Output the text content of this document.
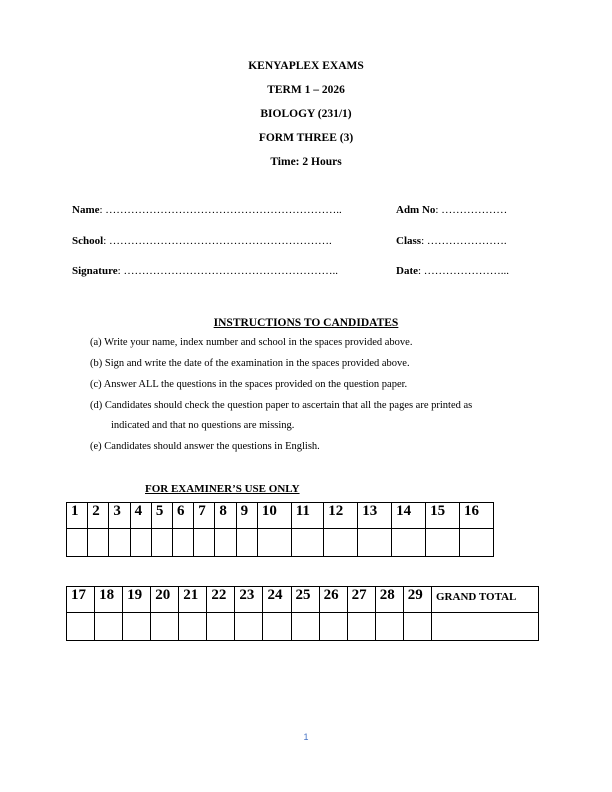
KENYAPLEX EXAMS
TERM 1 – 2026
BIOLOGY (231/1)
FORM THREE (3)
Time: 2 Hours
Name: ………………………………………………………..	Adm No: ………………
School: …………………………………………………….	Class: ………………….
Signature: …………………………………………………..	Date: …………………...
INSTRUCTIONS TO CANDIDATES
(a) Write your name, index number and school in the spaces provided above.
(b) Sign and write the date of the examination in the spaces provided above.
(c) Answer ALL the questions in the spaces provided on the question paper.
(d) Candidates should check the question paper to ascertain that all the pages are printed as
indicated and that no questions are missing.
(e) Candidates should answer the questions in English.
FOR EXAMINER’S USE ONLY
1	2	3	4	5	6	7	8	9	10	11	12	13	14	15	16

17	18	19	20	21	22	23	24	25	26	27	28	29	GRAND TOTAL

1
